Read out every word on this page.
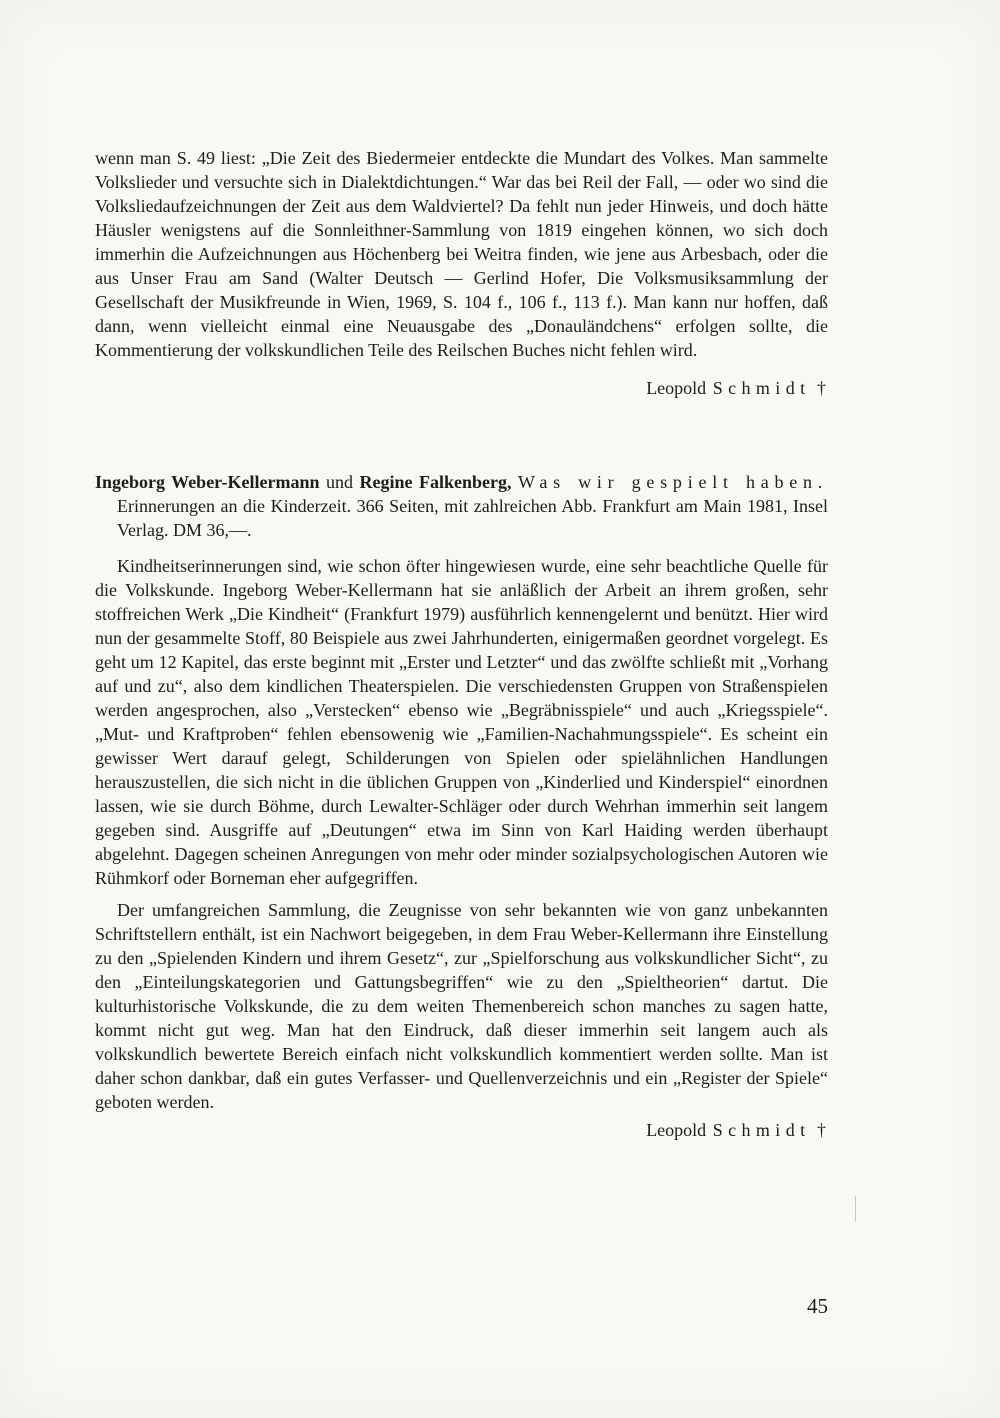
wenn man S. 49 liest: „Die Zeit des Biedermeier entdeckte die Mundart des Volkes. Man sammelte Volkslieder und versuchte sich in Dialektdichtungen.“ War das bei Reil der Fall, — oder wo sind die Volksliedaufzeichnungen der Zeit aus dem Waldviertel? Da fehlt nun jeder Hinweis, und doch hätte Häusler wenigstens auf die Sonnleithner-Sammlung von 1819 eingehen können, wo sich doch immerhin die Aufzeichnungen aus Höchenberg bei Weitra finden, wie jene aus Arbesbach, oder die aus Unser Frau am Sand (Walter Deutsch — Gerlind Hofer, Die Volksmusiksammlung der Gesellschaft der Musikfreunde in Wien, 1969, S. 104 f., 106 f., 113 f.). Man kann nur hoffen, daß dann, wenn vielleicht einmal eine Neuausgabe des „Donauländchens“ erfolgen sollte, die Kommentierung der volkskundlichen Teile des Reilschen Buches nicht fehlen wird.

Leopold Schmidt †

Ingeborg Weber-Kellermann und Regine Falkenberg, Was wir gespielt haben. Erinnerungen an die Kinderzeit. 366 Seiten, mit zahlreichen Abb. Frankfurt am Main 1981, Insel Verlag. DM 36,—.

Kindheitserinnerungen sind, wie schon öfter hingewiesen wurde, eine sehr beachtliche Quelle für die Volkskunde. Ingeborg Weber-Kellermann hat sie anläßlich der Arbeit an ihrem großen, sehr stoffreichen Werk „Die Kindheit“ (Frankfurt 1979) ausführlich kennengelernt und benützt. Hier wird nun der gesammelte Stoff, 80 Beispiele aus zwei Jahrhunderten, einigermaßen geordnet vorgelegt. Es geht um 12 Kapitel, das erste beginnt mit „Erster und Letzter“ und das zwölfte schließt mit „Vorhang auf und zu“, also dem kindlichen Theaterspielen. Die verschiedensten Gruppen von Straßenspielen werden angesprochen, also „Verstecken“ ebenso wie „Begräbnisspiele“ und auch „Kriegsspiele“. „Mut- und Kraftproben“ fehlen ebensowenig wie „Familien-Nachahmungsspiele“. Es scheint ein gewisser Wert darauf gelegt, Schilderungen von Spielen oder spielähnlichen Handlungen herauszustellen, die sich nicht in die üblichen Gruppen von „Kinderlied und Kinderspiel“ einordnen lassen, wie sie durch Böhme, durch Lewalter-Schläger oder durch Wehrhan immerhin seit langem gegeben sind. Ausgriffe auf „Deutungen“ etwa im Sinn von Karl Haiding werden überhaupt abgelehnt. Dagegen scheinen Anregungen von mehr oder minder sozialpsychologischen Autoren wie Rühmkorf oder Borneman eher aufgegriffen.

Der umfangreichen Sammlung, die Zeugnisse von sehr bekannten wie von ganz unbekannten Schriftstellern enthält, ist ein Nachwort beigegeben, in dem Frau Weber-Kellermann ihre Einstellung zu den „Spielenden Kindern und ihrem Gesetz“, zur „Spielforschung aus volkskundlicher Sicht“, zu den „Einteilungskategorien und Gattungsbegriffen“ wie zu den „Spieltheorien“ dartut. Die kulturhistorische Volkskunde, die zu dem weiten Themenbereich schon manches zu sagen hatte, kommt nicht gut weg. Man hat den Eindruck, daß dieser immerhin seit langem auch als volkskundlich bewertete Bereich einfach nicht volkskundlich kommentiert werden sollte. Man ist daher schon dankbar, daß ein gutes Verfasser- und Quellenverzeichnis und ein „Register der Spiele“ geboten werden.

Leopold Schmidt †

45
